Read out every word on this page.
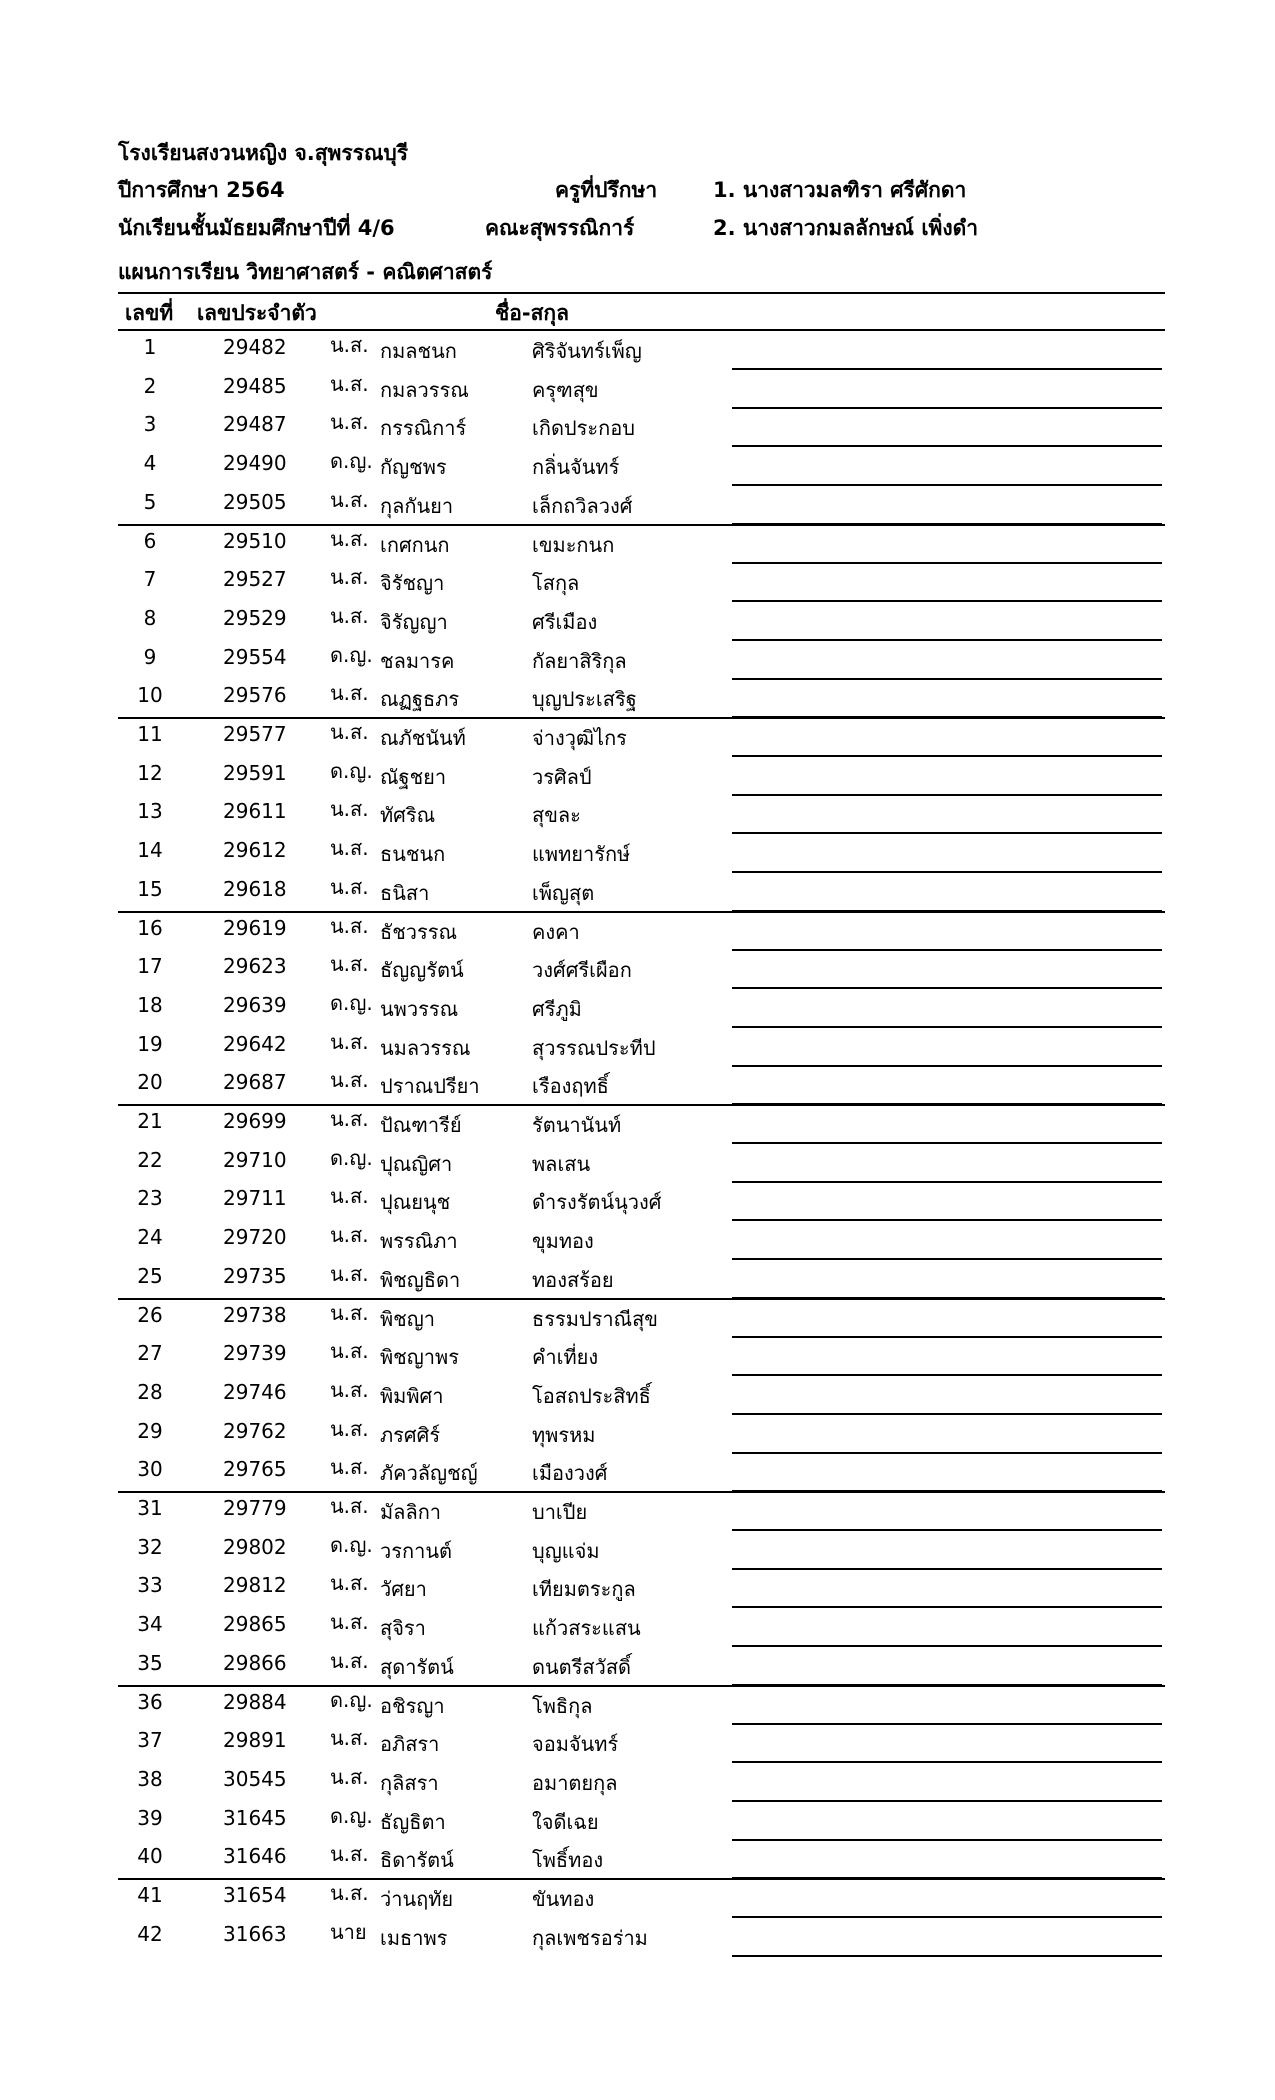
โรงเรียนสงวนหญิง จ.สุพรรณบุรี
ปีการศึกษา 2564	ครูที่ปรึกษา	1. นางสาวมลฑิรา ศรีศักดา
นักเรียนชั้นมัธยมศึกษาปีที่ 4/6	คณะสุพรรณิการ์	2. นางสาวกมลลักษณ์ เพิ่งดำ
แผนการเรียน วิทยาศาสตร์ - คณิตศาสตร์
เลขที่ เลขประจำตัว	ชื่อ-สกุล
1	29482 น.ส. กมลชนก	ศิริจันทร์เพ็ญ
2	29485 น.ส. กมลวรรณ	ครุฑสุข
3	29487 น.ส. กรรณิการ์	เกิดประกอบ
4	29490 ด.ญ. กัญชพร	กลิ่นจันทร์
5	29505 น.ส. กุลกันยา	เล็กถวิลวงศ์
6	29510 น.ส. เกศกนก	เขมะกนก
7	29527 น.ส. จิรัชญา	โสกุล
8	29529 น.ส. จิรัญญา	ศรีเมือง
9	29554 ด.ญ. ชลมารค	กัลยาสิริกุล
10	29576 น.ส. ณฏฐธภร	บุญประเสริฐ
11	29577 น.ส. ณภัชนันท์	จ่างวุฒิไกร
12	29591 ด.ญ. ณัฐชยา	วรศิลป์
13	29611 น.ส. ทัศริณ	สุขละ
14	29612 น.ส. ธนชนก	แพทยารักษ์
15	29618 น.ส. ธนิสา	เพ็ญสุต
16	29619 น.ส. ธัชวรรณ	คงคา
17	29623 น.ส. ธัญญรัตน์	วงศ์ศรีเผือก
18	29639 ด.ญ. นพวรรณ	ศรีภูมิ
19	29642 น.ส. นมลวรรณ	สุวรรณประทีป
20	29687 น.ส. ปราณปรียา	เรืองฤทธิ์
21	29699 น.ส. ปัณฑารีย์	รัตนานันท์
22	29710 ด.ญ. ปุณญิศา	พลเสน
23	29711 น.ส. ปุณยนุช	ดำรงรัตน์นุวงศ์
24	29720 น.ส. พรรณิภา	ขุมทอง
25	29735 น.ส. พิชญธิดา	ทองสร้อย
26	29738 น.ส. พิชญา	ธรรมปราณีสุข
27	29739 น.ส. พิชญาพร	คำเที่ยง
28	29746 น.ส. พิมพิศา	โอสถประสิทธิ์
29	29762 น.ส. ภรศศิร์	ทุพรหม
30	29765 น.ส. ภัควลัญชญ์	เมืองวงศ์
31	29779 น.ส. มัลลิกา	บาเปีย
32	29802 ด.ญ. วรกานต์	บุญแจ่ม
33	29812 น.ส. วัศยา	เทียมตระกูล
34	29865 น.ส. สุจิรา	แก้วสระแสน
35	29866 น.ส. สุดารัตน์	ดนตรีสวัสดิ์
36	29884 ด.ญ. อชิรญา	โพธิกุล
37	29891 น.ส. อภิสรา	จอมจันทร์
38	30545 น.ส. กุลิสรา	อมาตยกุล
39	31645 ด.ญ. ธัญธิตา	ใจดีเฉย
40	31646 น.ส. ธิดารัตน์	โพธิ์ทอง
41	31654 น.ส. ว่านฤทัย	ขันทอง
42	31663 นาย เมธาพร	กุลเพชรอร่าม
